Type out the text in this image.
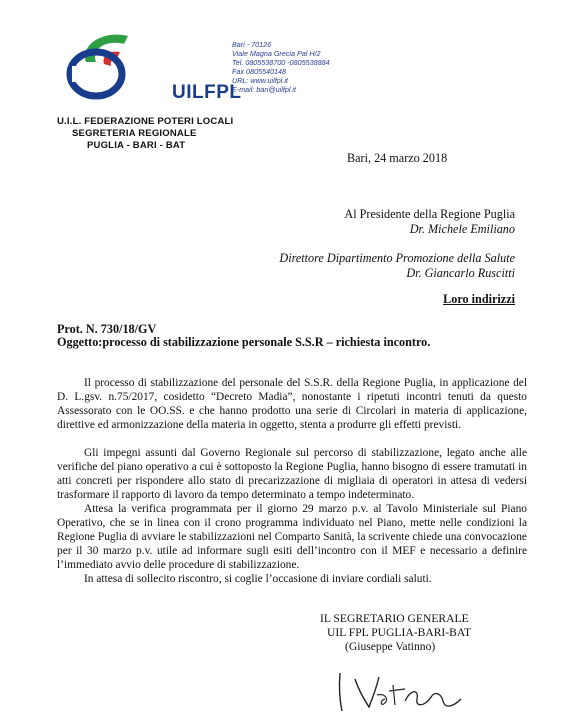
UILFPL
Bari - 70126
Viale Magna Grecia Pal H/2
Tel. 0805538700 -0805538884
Fax 0805540148
URL: www.uilfpl.it
E-mail: bari@uilfpl.it
U.I.L. FEDERAZIONE POTERI LOCALI
SEGRETERIA REGIONALE
PUGLIA - BARI - BAT
Bari, 24 marzo 2018
Al Presidente della Regione Puglia
Dr. Michele Emiliano
Direttore Dipartimento Promozione della Salute
Dr. Giancarlo Ruscitti
Loro indirizzi
Prot. N. 730/18/GV
Oggetto:processo di stabilizzazione personale S.S.R – richiesta incontro.
Il processo di stabilizzazione del personale del S.S.R. della Regione Puglia, in applicazione del D. L.gsv. n.75/2017, cosidetto “Decreto Madia”, nonostante i ripetuti incontri tenuti da questo Assessorato con le OO.SS. e che hanno prodotto una serie di Circolari in materia di applicazione, direttive ed armonizzazione della materia in oggetto, stenta a produrre gli effetti previsti.
Gli impegni assunti dal Governo Regionale sul percorso di stabilizzazione, legato anche alle verifiche del piano operativo a cui è sottoposto la Regione Puglia, hanno bisogno di essere tramutati in atti concreti per rispondere allo stato di precarizzazione di migliaia di operatori in attesa di vedersi trasformare il rapporto di lavoro da tempo determinato a tempo indeterminato.
Attesa la verifica programmata per il giorno 29 marzo p.v. al Tavolo Ministeriale sul Piano Operativo, che se in linea con il crono programma individuato nel Piano, mette nelle condizioni la Regione Puglia di avviare le stabilizzazioni nel Comparto Sanità, la scrivente chiede una convocazione per il 30 marzo p.v. utile ad informare sugli esiti dell’incontro con il MEF e necessario a definire l’immediato avvio delle procedure di stabilizzazione.
In attesa di sollecito riscontro, si coglie l’occasione di inviare cordiali saluti.
IL SEGRETARIO GENERALE
UIL FPL PUGLIA-BARI-BAT
(Giuseppe Vatinno)
